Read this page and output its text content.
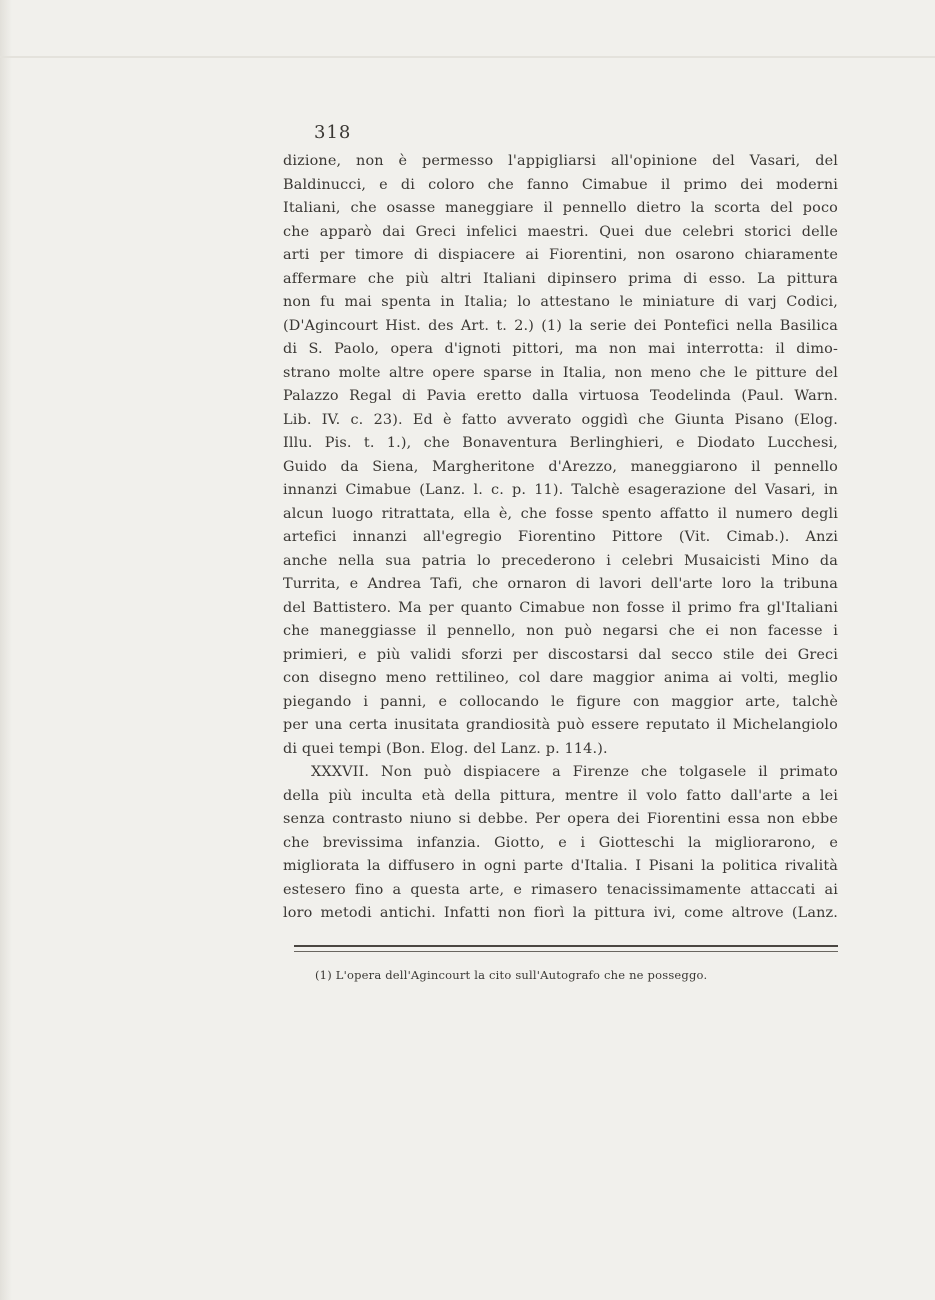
318
dizione, non è permesso l'appigliarsi all'opinione del Vasari, del
Baldinucci, e di coloro che fanno Cimabue il primo dei moderni
Italiani, che osasse maneggiare il pennello dietro la scorta del poco
che apparò dai Greci infelici maestri. Quei due celebri storici delle
arti per timore di dispiacere ai Fiorentini, non osarono chiaramente
affermare che più altri Italiani dipinsero prima di esso. La pittura
non fu mai spenta in Italia; lo attestano le miniature di varj Codici,
(D'Agincourt Hist. des Art. t. 2.) (1) la serie dei Pontefici nella Basilica
di S. Paolo, opera d'ignoti pittori, ma non mai interrotta: il dimo-
strano molte altre opere sparse in Italia, non meno che le pitture del
Palazzo Regal di Pavia eretto dalla virtuosa Teodelinda (Paul. Warn.
Lib. IV. c. 23). Ed è fatto avverato oggidì che Giunta Pisano (Elog.
Illu. Pis. t. 1.), che Bonaventura Berlinghieri, e Diodato Lucchesi,
Guido da Siena, Margheritone d'Arezzo, maneggiarono il pennello
innanzi Cimabue (Lanz. l. c. p. 11). Talchè esagerazione del Vasari, in
alcun luogo ritrattata, ella è, che fosse spento affatto il numero degli
artefici innanzi all'egregio Fiorentino Pittore (Vit. Cimab.). Anzi
anche nella sua patria lo precederono i celebri Musaicisti Mino da
Turrita, e Andrea Tafi, che ornaron di lavori dell'arte loro la tribuna
del Battistero. Ma per quanto Cimabue non fosse il primo fra gl'Italiani
che maneggiasse il pennello, non può negarsi che ei non facesse i
primieri, e più validi sforzi per discostarsi dal secco stile dei Greci
con disegno meno rettilineo, col dare maggior anima ai volti, meglio
piegando i panni, e collocando le figure con maggior arte, talchè
per una certa inusitata grandiosità può essere reputato il Michelangiolo
di quei tempi (Bon. Elog. del Lanz. p. 114.).
XXXVII. Non può dispiacere a Firenze che tolgasele il primato
della più inculta età della pittura, mentre il volo fatto dall'arte a lei
senza contrasto niuno si debbe. Per opera dei Fiorentini essa non ebbe
che brevissima infanzia. Giotto, e i Giotteschi la migliorarono, e
migliorata la diffusero in ogni parte d'Italia. I Pisani la politica rivalità
estesero fino a questa arte, e rimasero tenacissimamente attaccati ai
loro metodi antichi. Infatti non fiorì la pittura ivi, come altrove (Lanz.
(1) L'opera dell'Agincourt la cito sull'Autografo che ne posseggo.
